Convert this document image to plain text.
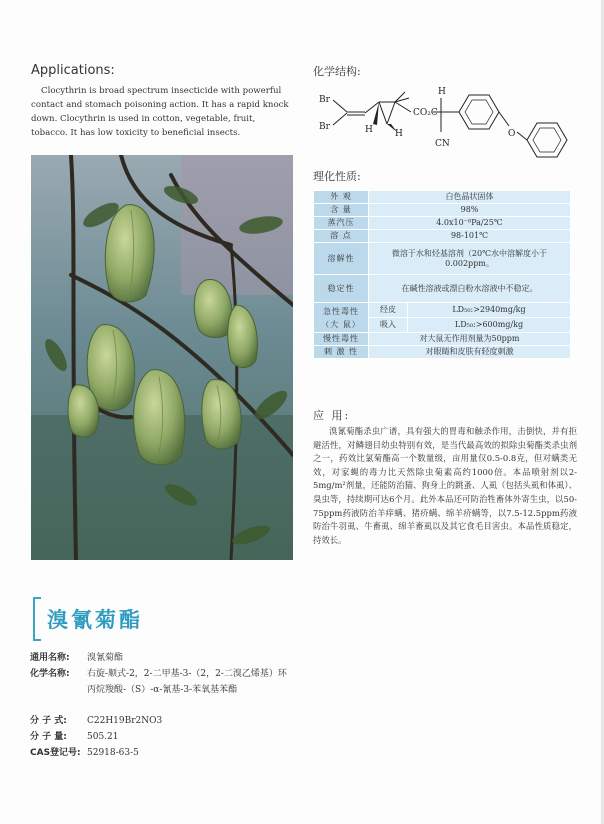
Applications:
Clocythrin is broad spectrum insecticide with powerful contact and stomach poisoning action. It has a rapid knock down. Clocythrin is used in cotton, vegetable, fruit, tobacco. It has low toxicity to beneficial insects.
化学结构:
Br
Br	H H
CO₂C
H
CN
O
理化性质:
外 观	白色晶状固体	
含 量	98%	
蒸汽压	4.0x10⁻⁸Pa/25℃	
溶 点	98-101℃	
溶解性	微溶于水和烃基溶剂（20℃水中溶解度小于0.002ppm。	
稳定性	在碱性溶液或漂白粉水溶液中不稳定。	
急性毒性（大 鼠）	经皮	LD₅₀:>2940mg/kg
	吸入	LD₅₀:>600mg/kg
慢性毒性	对大鼠无作用剂量为50ppm	
刺 激 性	对眼睛和皮肤有轻度刺激	
应 用:
溴氰菊酯杀虫广谱，具有强大的胃毒和触杀作用，击倒快，并有拒避活性，对鳞翅目幼虫特别有效，是当代最高效的拟除虫菊酯类杀虫剂之一，药效比氯菊酯高一个数量级，亩用量仅0.5-0.8克，但对螨类无效，对家蝇的毒力比天然除虫菊素高约1000倍。本品喷射剂以2-5mg/m²剂量，还能防治猫、狗身上的跳蚤、人虱（包括头虱和体虱）、臭虫等，持续期可达6个月。此外本品还可防治牲畜体外寄生虫，以50-75ppm药液防治羊痒螨、猪疥螨、绵羊疥螨等，以7.5-12.5ppm药液防治牛羽虱、牛畜虱、绵羊畜虱以及其它食毛目害虫。本品性质稳定，持效长。
溴氰菊酯
通用名称: 溴氰菊酯
化学名称: 右旋-顺式-2，2-二甲基-3-（2，2-二溴乙烯基）环丙烷羧酸-（S）-α-氰基-3-苯氧基苯酯
分 子 式: C22H19Br2NO3
分 子 量: 505.21
CAS登记号: 52918-63-5
